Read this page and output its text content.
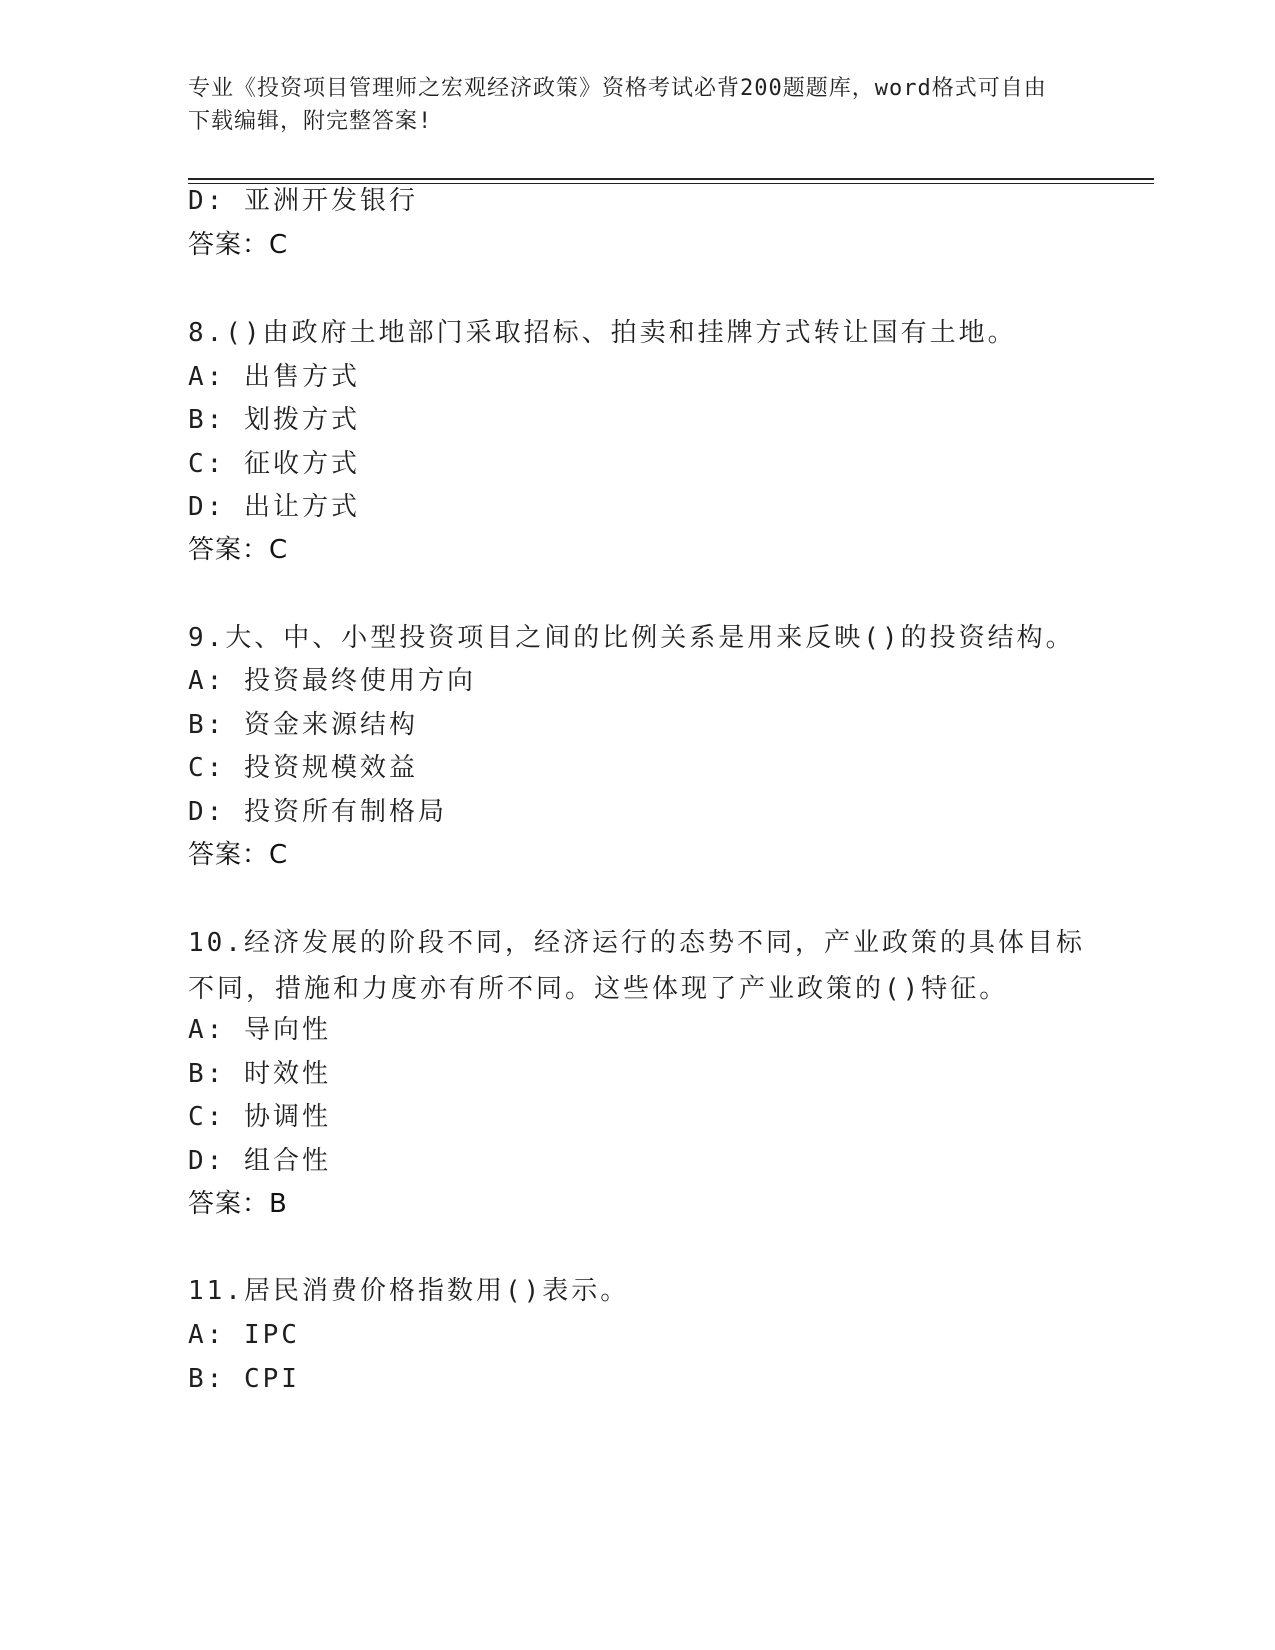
专业《投资项目管理师之宏观经济政策》资格考试必背200题题库，word格式可自由下载编辑，附完整答案!
D: 亚洲开发银行
答案：C
8.()由政府土地部门采取招标、拍卖和挂牌方式转让国有土地。
A: 出售方式
B: 划拨方式
C: 征收方式
D: 出让方式
答案：C
9.大、中、小型投资项目之间的比例关系是用来反映()的投资结构。
A: 投资最终使用方向
B: 资金来源结构
C: 投资规模效益
D: 投资所有制格局
答案：C
10.经济发展的阶段不同，经济运行的态势不同，产业政策的具体目标不同，措施和力度亦有所不同。这些体现了产业政策的()特征。
A: 导向性
B: 时效性
C: 协调性
D: 组合性
答案：B
11.居民消费价格指数用()表示。
A: IPC
B: CPI
